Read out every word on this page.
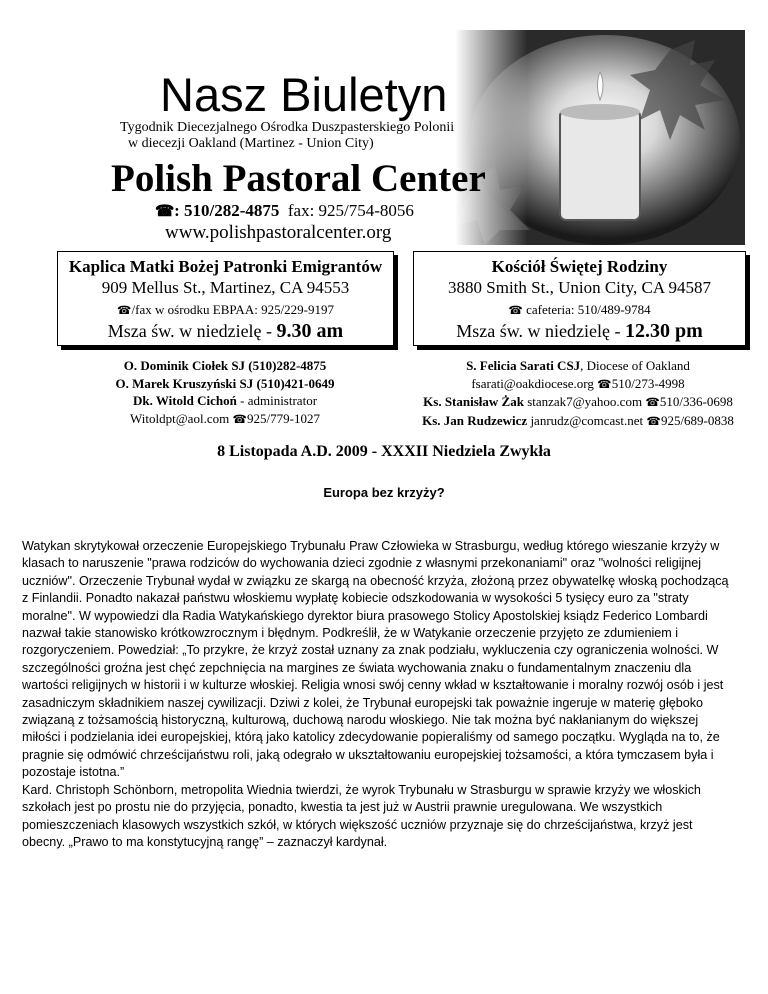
Nasz Biuletyn
Tygodnik Diecezjalnego Ośrodka Duszpasterskiego Polonii
w diecezji Oakland (Martinez - Union City)
Polish Pastoral Center
☎: 510/282-4875 fax: 925/754-8056
www.polishpastoralcenter.org
Kaplica Matki Bożej Patronki Emigrantów
909 Mellus St., Martinez, CA 94553
☎/fax w ośrodku EBPAA: 925/229-9197
Msza św. w niedzielę - 9.30 am
Kościół Świętej Rodziny
3880 Smith St., Union City, CA 94587
☎ cafeteria: 510/489-9784
Msza św. w niedzielę - 12.30 pm
O. Dominik Ciołek SJ (510)282-4875
O. Marek Kruszyński SJ (510)421-0649
Dk. Witold Cichoń - administrator
Witoldpt@aol.com ☎925/779-1027
S. Felicia Sarati CSJ, Diocese of Oakland
fsarati@oakdiocese.org ☎510/273-4998
Ks. Stanisław Żak stanzak7@yahoo.com ☎510/336-0698
Ks. Jan Rudzewicz janrudz@comcast.net ☎925/689-0838
8 Listopada A.D. 2009 - XXXII Niedziela Zwykła
Europa bez krzyży?

Watykan skrytykował orzeczenie Europejskiego Trybunału Praw Człowieka w Strasburgu, według którego wieszanie krzyży w klasach to naruszenie "prawa rodziców do wychowania dzieci zgodnie z własnymi przekonaniami" oraz "wolności religijnej uczniów". Orzeczenie Trybunał wydał w związku ze skargą na obecność krzyża, złożoną przez obywatelkę włoską pochodzącą z Finlandii. Ponadto nakazał państwu włoskiemu wypłatę kobiecie odszkodowania w wysokości 5 tysięcy euro za "straty moralne". W wypowiedzi dla Radia Watykańskiego dyrektor biura prasowego Stolicy Apostolskiej ksiądz Federico Lombardi nazwał takie stanowisko krótkowzrocznym i błędnym. Podkreślił, że w Watykanie orzeczenie przyjęto ze zdumieniem i rozgoryczeniem. Powedział: „To przykre, że krzyż został uznany za znak podziału, wykluczenia czy ograniczenia wolności. W szczególności groźna jest chęć zepchnięcia na margines ze świata wychowania znaku o fundamentalnym znaczeniu dla wartości religijnych w historii i w kulturze włoskiej. Religia wnosi swój cenny wkład w kształtowanie i moralny rozwój osób i jest zasadniczym składnikiem naszej cywilizacji. Dziwi z kolei, że Trybunał europejski tak poważnie ingeruje w materię głęboko związaną z tożsamością historyczną, kulturową, duchową narodu włoskiego. Nie tak można być nakłanianym do większej miłości i podzielania idei europejskiej, którą jako katolicy zdecydowanie popieraliśmy od samego początku. Wygląda na to, że pragnie się odmówić chrześcijaństwu roli, jaką odegrało w ukształtowaniu europejskiej tożsamości, a która tymczasem była i pozostaje istotna.”

Kard. Christoph Schönborn, metropolita Wiednia twierdzi, że wyrok Trybunału w Strasburgu w sprawie krzyży we włoskich szkołach jest po prostu nie do przyjęcia, ponadto, kwestia ta jest już w Austrii prawnie uregulowana. We wszystkich pomieszczeniach klasowych wszystkich szkół, w których większość uczniów przyznaje się do chrześcijaństwa, krzyż jest obecny. „Prawo to ma konstytucyjną rangę” – zaznaczył kardynał.
